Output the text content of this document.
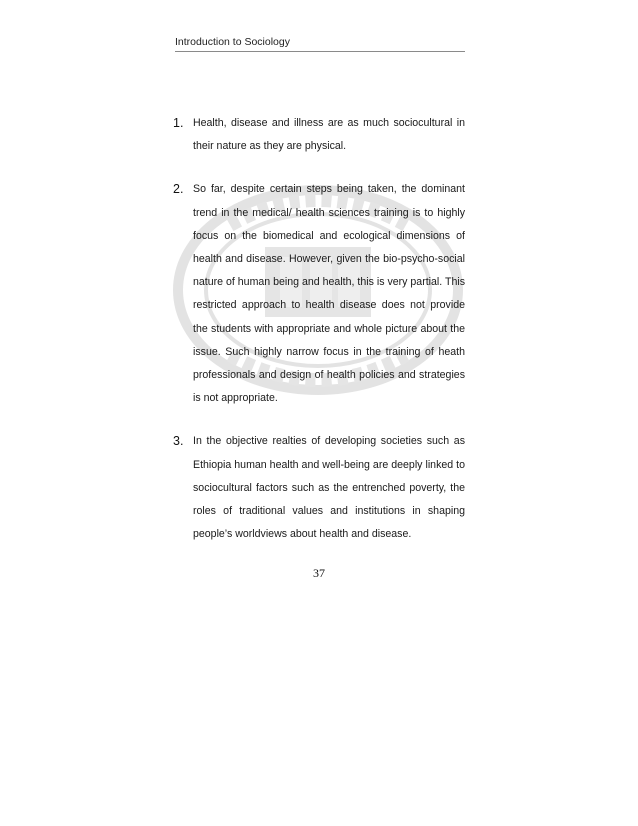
Introduction to Sociology
1. Health, disease and illness are as much sociocultural in their nature as they are physical.

2. So far, despite certain steps being taken, the dominant trend in the medical/ health sciences training is to highly focus on the biomedical and ecological dimensions of health and disease. However, given the bio-psycho-social nature of human being and health, this is very partial. This restricted approach to health disease does not provide the students with appropriate and whole picture about the issue. Such highly narrow focus in the training of heath professionals and design of health policies and strategies is not appropriate.

3. In the objective realties of developing societies such as Ethiopia human health and well-being are deeply linked to sociocultural factors such as the entrenched poverty, the roles of traditional values and institutions in shaping people’s worldviews about health and disease.

37
